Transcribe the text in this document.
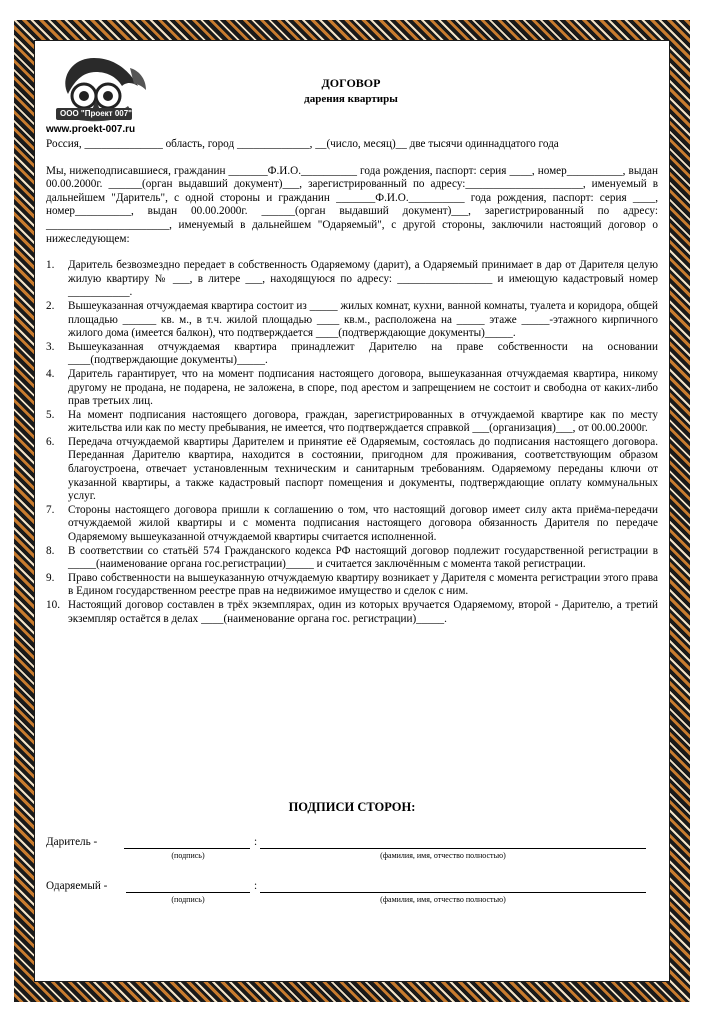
ООО "Проект 007"
www.proekt-007.ru
ДОГОВОР
дарения квартиры

Россия, ______________ область, город _____________, __(число, месяц)__ две тысячи одиннадцатого года

Мы, нижеподписавшиеся, гражданин _______Ф.И.О.__________ года рождения, паспорт: серия ____, номер__________, выдан 00.00.2000г. ______(орган выдавший документ)___, зарегистрированный по адресу:_____________________, именуемый в дальнейшем "Даритель", с одной стороны и гражданин _______Ф.И.О.__________ года рождения, паспорт: серия ____, номер__________, выдан 00.00.2000г. ______(орган выдавший документ)___, зарегистрированный по адресу: ______________________, именуемый в дальнейшем "Одаряемый", с другой стороны, заключили настоящий договор о нижеследующем:

1. Даритель безвозмездно передает в собственность Одаряемому (дарит), а Одаряемый принимает в дар от Дарителя целую жилую квартиру № ___, в литере ___, находящуюся по адресу: _________________ и имеющую кадастровый номер ___________.
2. Вышеуказанная отчуждаемая квартира состоит из _____ жилых комнат, кухни, ванной комнаты, туалета и коридора, общей площадью ______ кв. м., в т.ч. жилой площадью ____ кв.м., расположена на _____ этаже _____-этажного кирпичного жилого дома (имеется балкон), что подтверждается ____(подтверждающие документы)_____.
3. Вышеуказанная отчуждаемая квартира принадлежит Дарителю на праве собственности на основании ____(подтверждающие документы)_____.
4. Даритель гарантирует, что на момент подписания настоящего договора, вышеуказанная отчуждаемая квартира, никому другому не продана, не подарена, не заложена, в споре, под арестом и запрещением не состоит и свободна от каких-либо прав третьих лиц.
5. На момент подписания настоящего договора, граждан, зарегистрированных в отчуждаемой квартире как по месту жительства или как по месту пребывания, не имеется, что подтверждается справкой ___(организация)___, от 00.00.2000г.
6. Передача отчуждаемой квартиры Дарителем и принятие её Одаряемым, состоялась до подписания настоящего договора. Переданная Дарителю квартира, находится в состоянии, пригодном для проживания, соответствующим образом благоустроена, отвечает установленным техническим и санитарным требованиям. Одаряемому переданы ключи от указанной квартиры, а также кадастровый паспорт помещения и документы, подтверждающие оплату коммунальных услуг.
7. Стороны настоящего договора пришли к соглашению о том, что настоящий договор имеет силу акта приёма-передачи отчуждаемой жилой квартиры и с момента подписания настоящего договора обязанность Дарителя по передаче Одаряемому вышеуказанной отчуждаемой квартиры считается исполненной.
8. В соответствии со статьёй 574 Гражданского кодекса РФ настоящий договор подлежит государственной регистрации в _____(наименование органа гос.регистрации)_____ и считается заключённым с момента такой регистрации.
9. Право собственности на вышеуказанную отчуждаемую квартиру возникает у Дарителя с момента регистрации этого права в Едином государственном реестре прав на недвижимое имущество и сделок с ним.
10. Настоящий договор составлен в трёх экземплярах, один из которых вручается Одаряемому, второй - Дарителю, а третий экземпляр остаётся в делах ____(наименование органа гос. регистрации)_____.
ПОДПИСИ СТОРОН:
Даритель -	:
(подпись)	(фамилия, имя, отчество полностью)
Одаряемый -	:
(подпись)	(фамилия, имя, отчество полностью)
